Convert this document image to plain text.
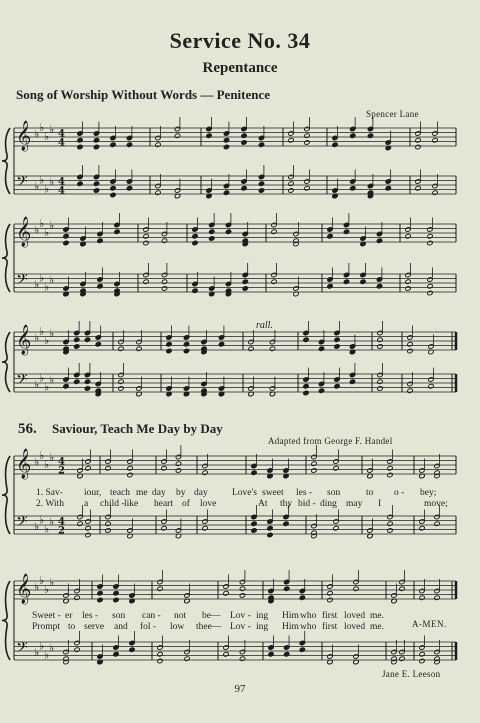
Service No. 34
Repentance
Song of Worship Without Words — Penitence
Spencer Lane
rall.
56. Saviour, Teach Me Day by Day
Adapted from George F. Handel
1. Sav- iour, teach me day by day	Love's sweet les - son	to o - bey;
2. With a child - like heart of love	At thy bid - ding may I	move;
Sweet - er les - son can - not be— Lov - ing Him who first loved me.
Prompt to serve and fol - low thee— Lov - ing Him who first loved me.	A-MEN.
Jane E. Leeson
97
𝄞
𝄢
♭
♭
♭
♭
♭
♭
♭
♭
4
4
4
4
𝄞
𝄢
♭
♭
♭
♭
♭
♭
♭
♭
𝄞
𝄢
♭
♭
♭
♭
♭
♭
♭
♭
𝄞
𝄢
♭
♭
♭
♭
♭
♭
♭
♭
4
2
4
2
𝄞
𝄢
♭
♭
♭
♭
♭
♭
♭
♭
